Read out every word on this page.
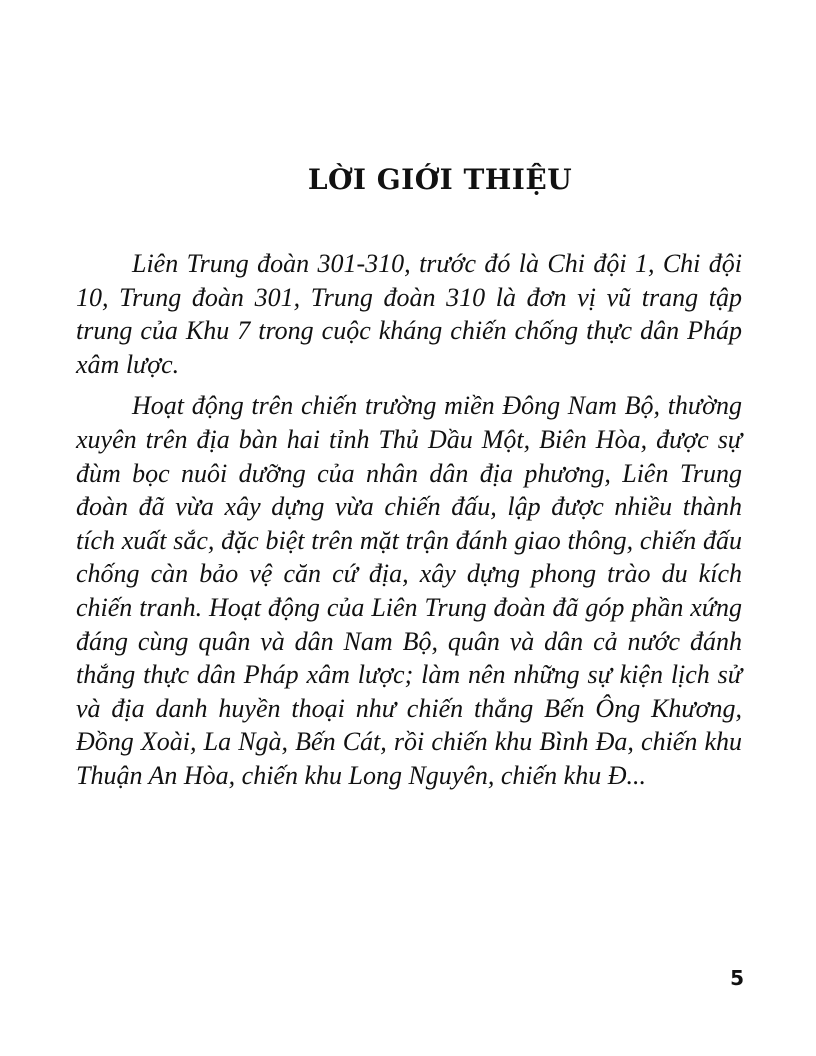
LỜI GIỚI THIỆU

Liên Trung đoàn 301-310, trước đó là Chi đội 1, Chi đội 10, Trung đoàn 301, Trung đoàn 310 là đơn vị vũ trang tập trung của Khu 7 trong cuộc kháng chiến chống thực dân Pháp xâm lược.

Hoạt động trên chiến trường miền Đông Nam Bộ, thường xuyên trên địa bàn hai tỉnh Thủ Dầu Một, Biên Hòa, được sự đùm bọc nuôi dưỡng của nhân dân địa phương, Liên Trung đoàn đã vừa xây dựng vừa chiến đấu, lập được nhiều thành tích xuất sắc, đặc biệt trên mặt trận đánh giao thông, chiến đấu chống càn bảo vệ căn cứ địa, xây dựng phong trào du kích chiến tranh. Hoạt động của Liên Trung đoàn đã góp phần xứng đáng cùng quân và dân Nam Bộ, quân và dân cả nước đánh thắng thực dân Pháp xâm lược; làm nên những sự kiện lịch sử và địa danh huyền thoại như chiến thắng Bến Ông Khương, Đồng Xoài, La Ngà, Bến Cát, rồi chiến khu Bình Đa, chiến khu Thuận An Hòa, chiến khu Long Nguyên, chiến khu Đ...

5
